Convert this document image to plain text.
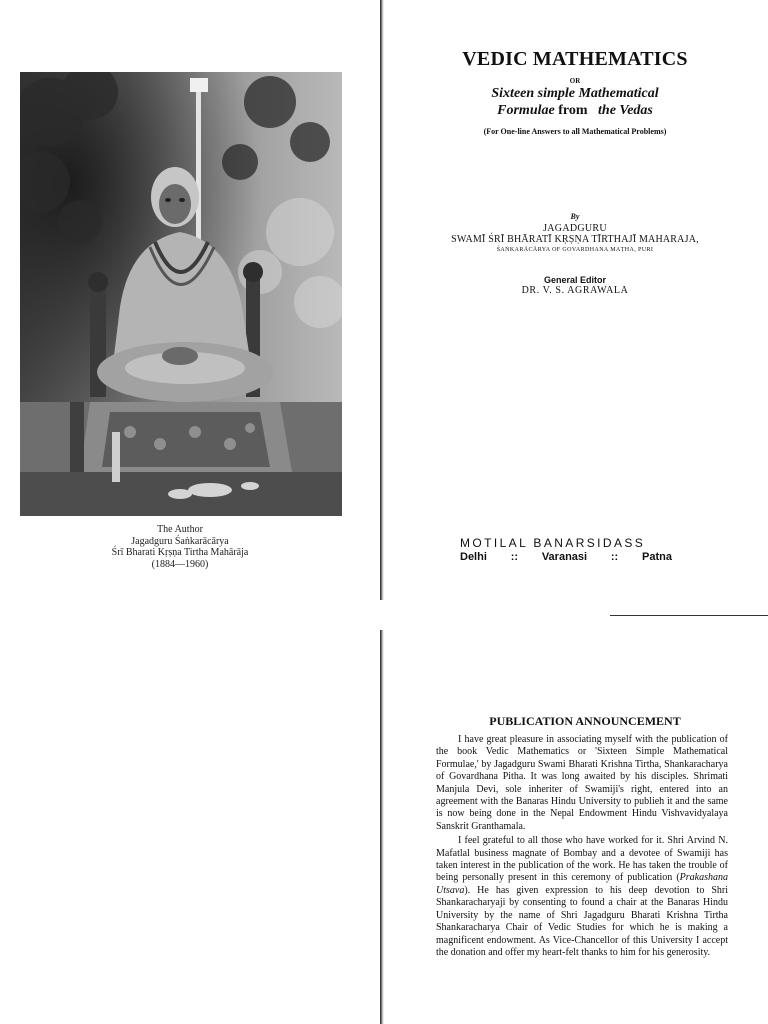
The Author
Jagadguru Śaṅkarācārya
Śrī Bharati Kṛṣṇa Tirtha Mahārāja
(1884—1960)
VEDIC MATHEMATICS
OR
Sixteen simple Mathematical
Formulae from the Vedas
(For One-line Answers to all Mathematical Problems)
By
JAGADGURU
SWAMĪ ŚRĪ BHĀRATĪ KṚṢṆA TĪRTHAJĪ MAHARAJA,
ŚAṄKARĀCĀRYA OF GOVARDHANA MAṬHA, PURI
General Editor
DR. V. S. AGRAWALA
MOTILAL BANARSIDASS
Delhi :: Varanasi :: Patna
PUBLICATION ANNOUNCEMENT

I have great pleasure in associating myself with the publication of the book Vedic Mathematics or 'Sixteen Simple Mathematical Formulae,' by Jagadguru Swami Bharati Krishna Tirtha, Shankaracharya of Govardhana Pitha. It was long awaited by his disciples. Shrimati Manjula Devi, sole inheriter of Swamiji's right, entered into an agreement with the Banaras Hindu University to publieh it and the same is now being done in the Nepal Endowment Hindu Vishvavidyalaya Sanskrit Granthamala.

I feel grateful to all those who have worked for it. Shri Arvind N. Mafatlal business magnate of Bombay and a devotee of Swamiji has taken interest in the publication of the work. He has taken the trouble of being personally present in this ceremony of publication (Prakashana Utsava). He has given expression to his deep devotion to Shri Shankaracharyaji by consenting to found a chair at the Banaras Hindu University by the name of Shri Jagadguru Bharati Krishna Tirtha Shankaracharya Chair of Vedic Studies for which he is making a magnificent endowment. As Vice-Chancellor of this University I accept the donation and offer my heart-felt thanks to him for his generosity.
